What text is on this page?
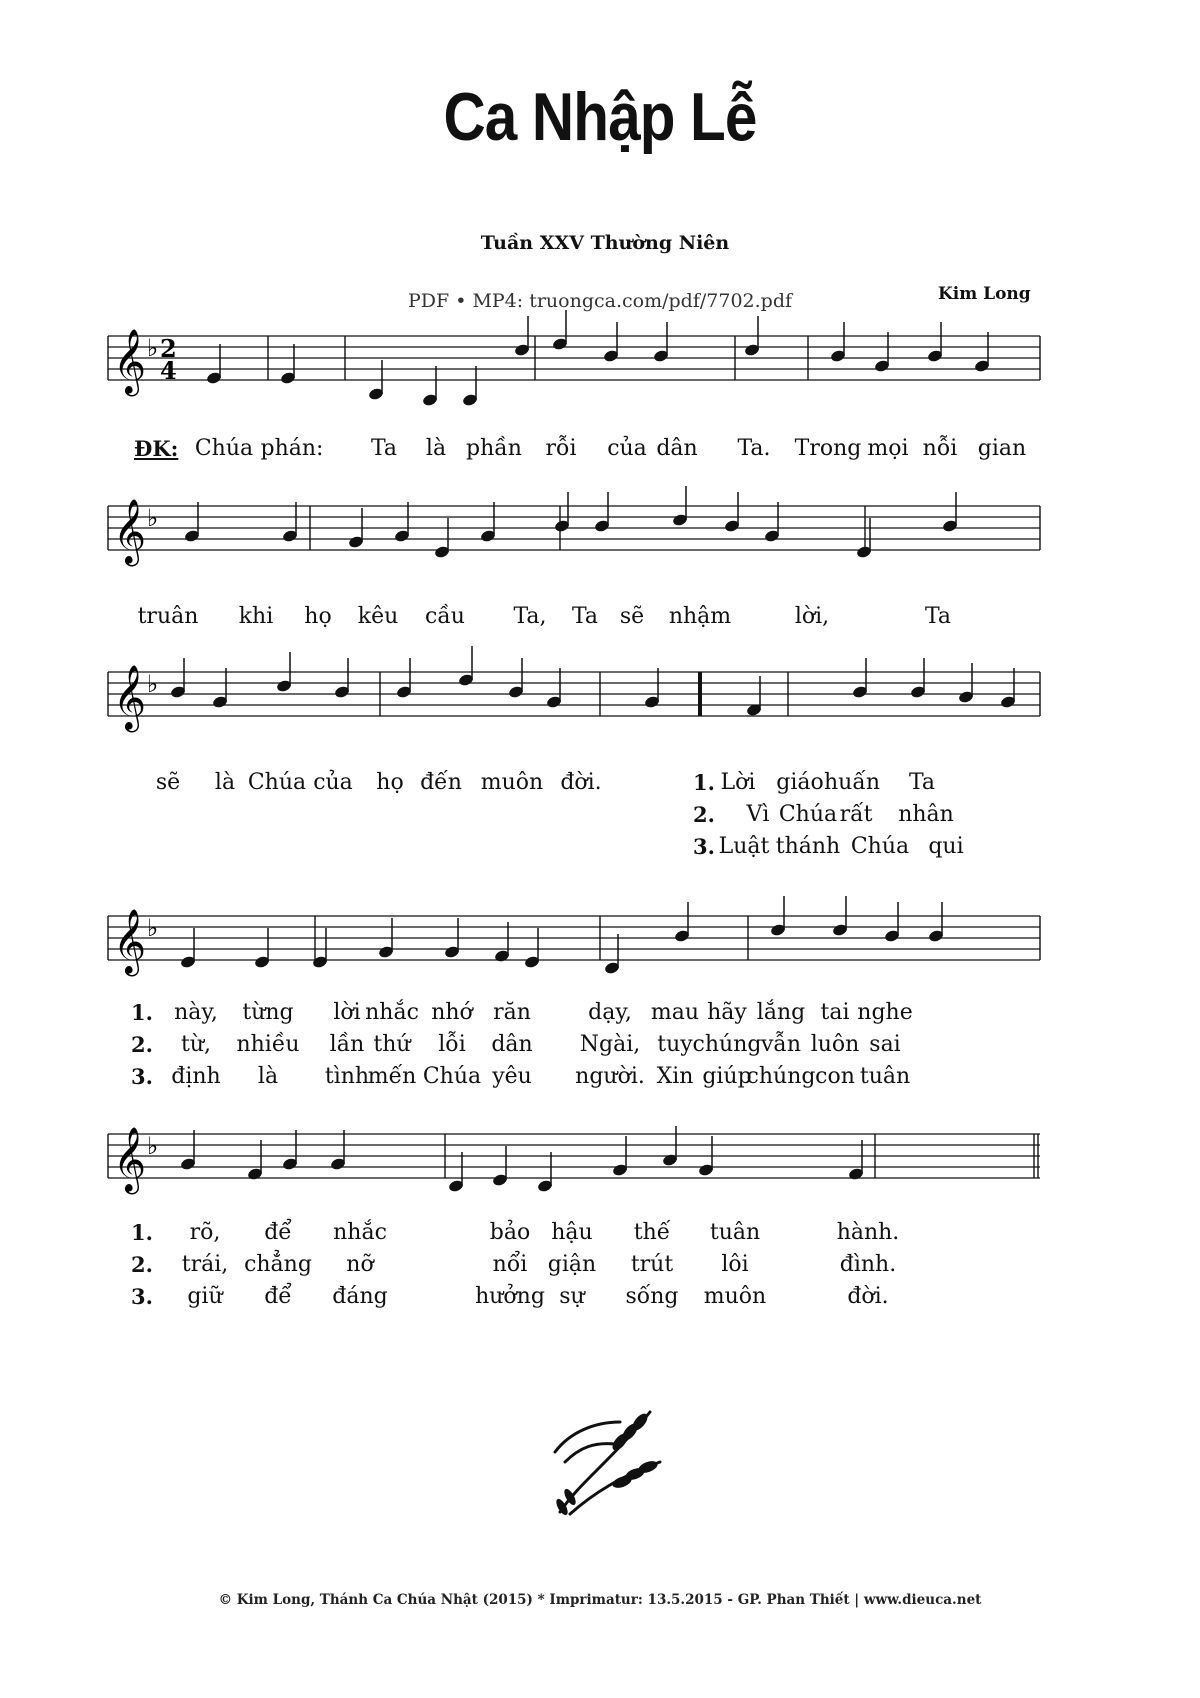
Ca Nhập Lễ
Tuần XXV Thường Niên
PDF • MP4: truongca.com/pdf/7702.pdf	Kim Long
𝄞 ♭ 2
4
𝄞 ♭
𝄞 ♭
𝄞 ♭
𝄞 ♭
ĐK: Chúa phán: Ta là phần rỗi của dân Ta. Trong mọi nỗi gian
truân khi họ kêu cầu Ta, Ta sẽ nhậm	lời,	Ta
sẽ là Chúa của họ đến muôn đời.	1. Lời giáo huấn Ta
2. Vì Chúa rất nhân
3. Luật thánh Chúa qui
1. này, từng lời nhắc nhớ răn	dạy, mau hãy lắng tai nghe
2. từ, nhiều lần thứ lỗi dân Ngài, tuy chúng vẫn luôn sai
3. định là tình
mến Chúa yêu người. Xin giúp
chúng con tuân
1. rõ, để nhắc	bảo hậu thế tuân	hành.
2. trái, chẳng nỡ	nổi giận trút lôi	đình.
3. giữ để đáng	hưởng sự sống muôn	đời.
© Kim Long, Thánh Ca Chúa Nhật (2015) * Imprimatur: 13.5.2015 - GP. Phan Thiết | www.dieuca.net
